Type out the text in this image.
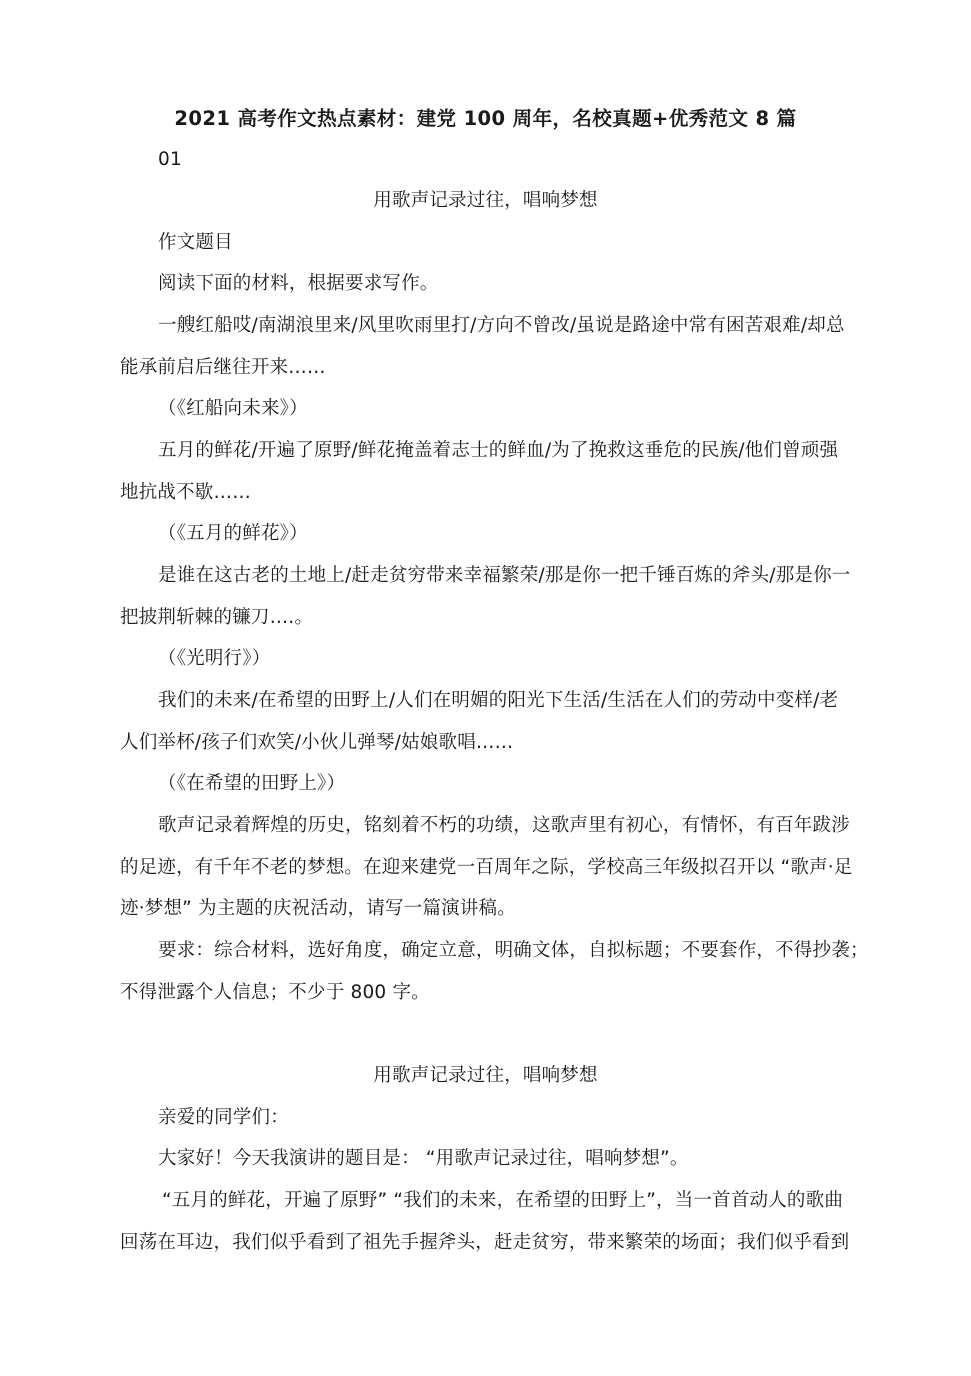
2021 高考作文热点素材：建党 100 周年，名校真题+优秀范文 8 篇
01
用歌声记录过往，唱响梦想
作文题目
阅读下面的材料，根据要求写作。
一艘红船哎/南湖浪里来/风里吹雨里打/方向不曾改/虽说是路途中常有困苦艰难/却总
能承前启后继往开来……
（《红船向未来》）
五月的鲜花/开遍了原野/鲜花掩盖着志士的鲜血/为了挽救这垂危的民族/他们曾顽强
地抗战不歇……
（《五月的鲜花》）
是谁在这古老的土地上/赶走贫穷带来幸福繁荣/那是你一把千锤百炼的斧头/那是你一
把披荆斩棘的镰刀….。
（《光明行》）
我们的未来/在希望的田野上/人们在明媚的阳光下生活/生活在人们的劳动中变样/老
人们举杯/孩子们欢笑/小伙儿弹琴/姑娘歌唱……
（《在希望的田野上》）
歌声记录着辉煌的历史，铭刻着不朽的功绩，这歌声里有初心，有情怀，有百年跋涉
的足迹，有千年不老的梦想。在迎来建党一百周年之际，学校高三年级拟召开以 “歌声·足
迹·梦想” 为主题的庆祝活动，请写一篇演讲稿。
要求：综合材料，选好角度，确定立意，明确文体，自拟标题；不要套作，不得抄袭；
不得泄露个人信息；不少于 800 字。
用歌声记录过往，唱响梦想
亲爱的同学们：
大家好！今天我演讲的题目是： “用歌声记录过往，唱响梦想”。
“五月的鲜花，开遍了原野” “我们的未来，在希望的田野上”，当一首首动人的歌曲
回荡在耳边，我们似乎看到了祖先手握斧头，赶走贫穷，带来繁荣的场面；我们似乎看到
